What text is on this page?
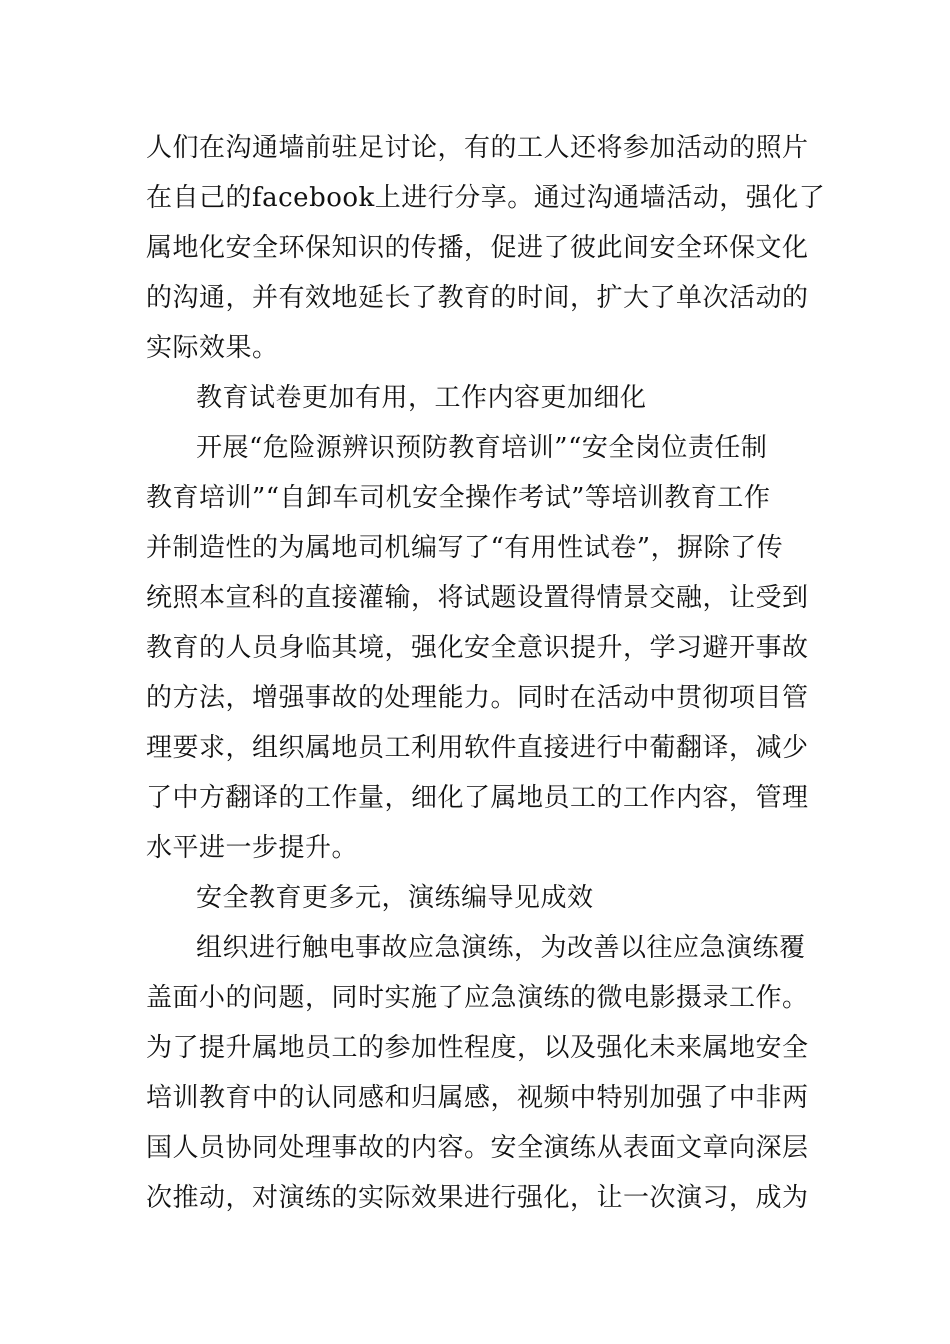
人们在沟通墙前驻足讨论，有的工人还将参加活动的照片
在自己的facebook上进行分享。通过沟通墙活动，强化了
属地化安全环保知识的传播，促进了彼此间安全环保文化
的沟通，并有效地延长了教育的时间，扩大了单次活动的
实际效果。
教育试卷更加有用，工作内容更加细化
开展“危险源辨识预防教育培训”“安全岗位责任制
教育培训”“自卸车司机安全操作考试”等培训教育工作
并制造性的为属地司机编写了“有用性试卷”，摒除了传
统照本宣科的直接灌输，将试题设置得情景交融，让受到
教育的人员身临其境，强化安全意识提升，学习避开事故
的方法，增强事故的处理能力。同时在活动中贯彻项目管
理要求，组织属地员工利用软件直接进行中葡翻译，减少
了中方翻译的工作量，细化了属地员工的工作内容，管理
水平进一步提升。
安全教育更多元，演练编导见成效
组织进行触电事故应急演练，为改善以往应急演练覆
盖面小的问题，同时实施了应急演练的微电影摄录工作。
为了提升属地员工的参加性程度，以及强化未来属地安全
培训教育中的认同感和归属感，视频中特别加强了中非两
国人员协同处理事故的内容。安全演练从表面文章向深层
次推动，对演练的实际效果进行强化，让一次演习，成为
